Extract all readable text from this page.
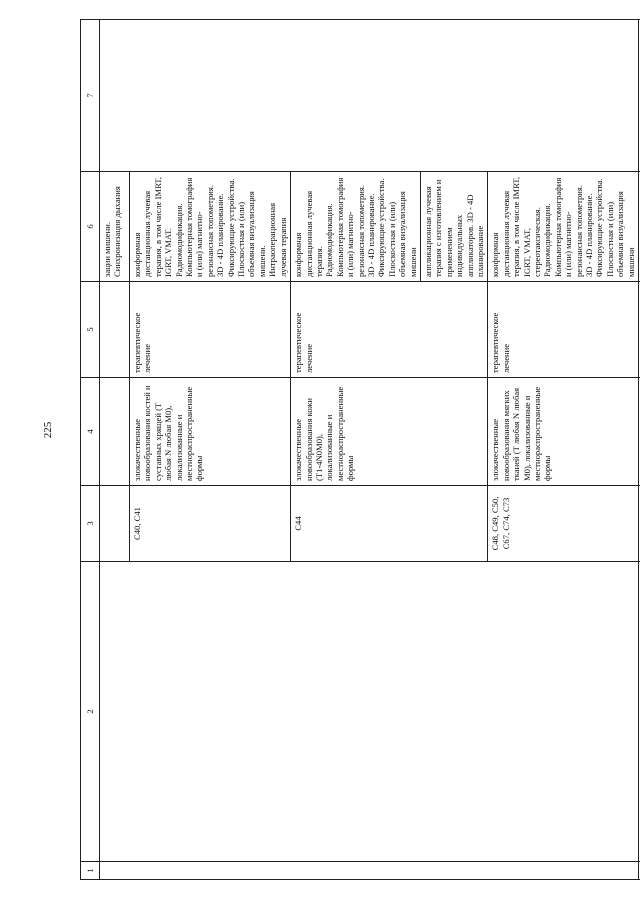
225
1	2	3	4	5	6	7
					зации мишени. Синхронизация дыхания	
		C40, C41	злокачественные новообразования костей и суставных хрящей (T любая N любая M0), локализованные и местнораспространенные формы	терапевтическое лечение	конформная дистанционная лучевая терапия, в том числе IMRT, IGRT, VMAT. Радиомодификация. Компьютерная томография и (или) магнитно-резонансная топометрия. 3D - 4D планирование. Фиксирующие устройства. Плоскостная и (или) объемная визуализация мишени. Интраоперационная лучевая терапия	
		C44	злокачественные новообразования кожи (T1-4N0M0), локализованные и местнораспространенные формы	терапевтическое лечение	конформная дистанционная лучевая терапия. Радиомодификация. Компьютерная томография и (или) магнитно-резонансная топометрия. 3D - 4D планирование. Фиксирующие устройства. Плоскостная и (или) объемная визуализация мишени	
					аппликационная лучевая терапия с изготовлением и применением индивидуальных аппликаторов. 3D - 4D планирование	
		C48, C49, C50, C67, C74, C73	злокачественные новообразования мягких тканей (T любая N любая M0), локализованные и местнораспространенные формы	терапевтическое лечение	конформная дистанционная лучевая терапия, в том числе IMRT, IGRT, VMAT, стереотаксическая. Радиомодификация. Компьютерная томография и (или) магнитно-резонансная топометрия. 3D - 4D планирование. Фиксирующие устройства. Плоскостная и (или) объемная визуализация мишени	
